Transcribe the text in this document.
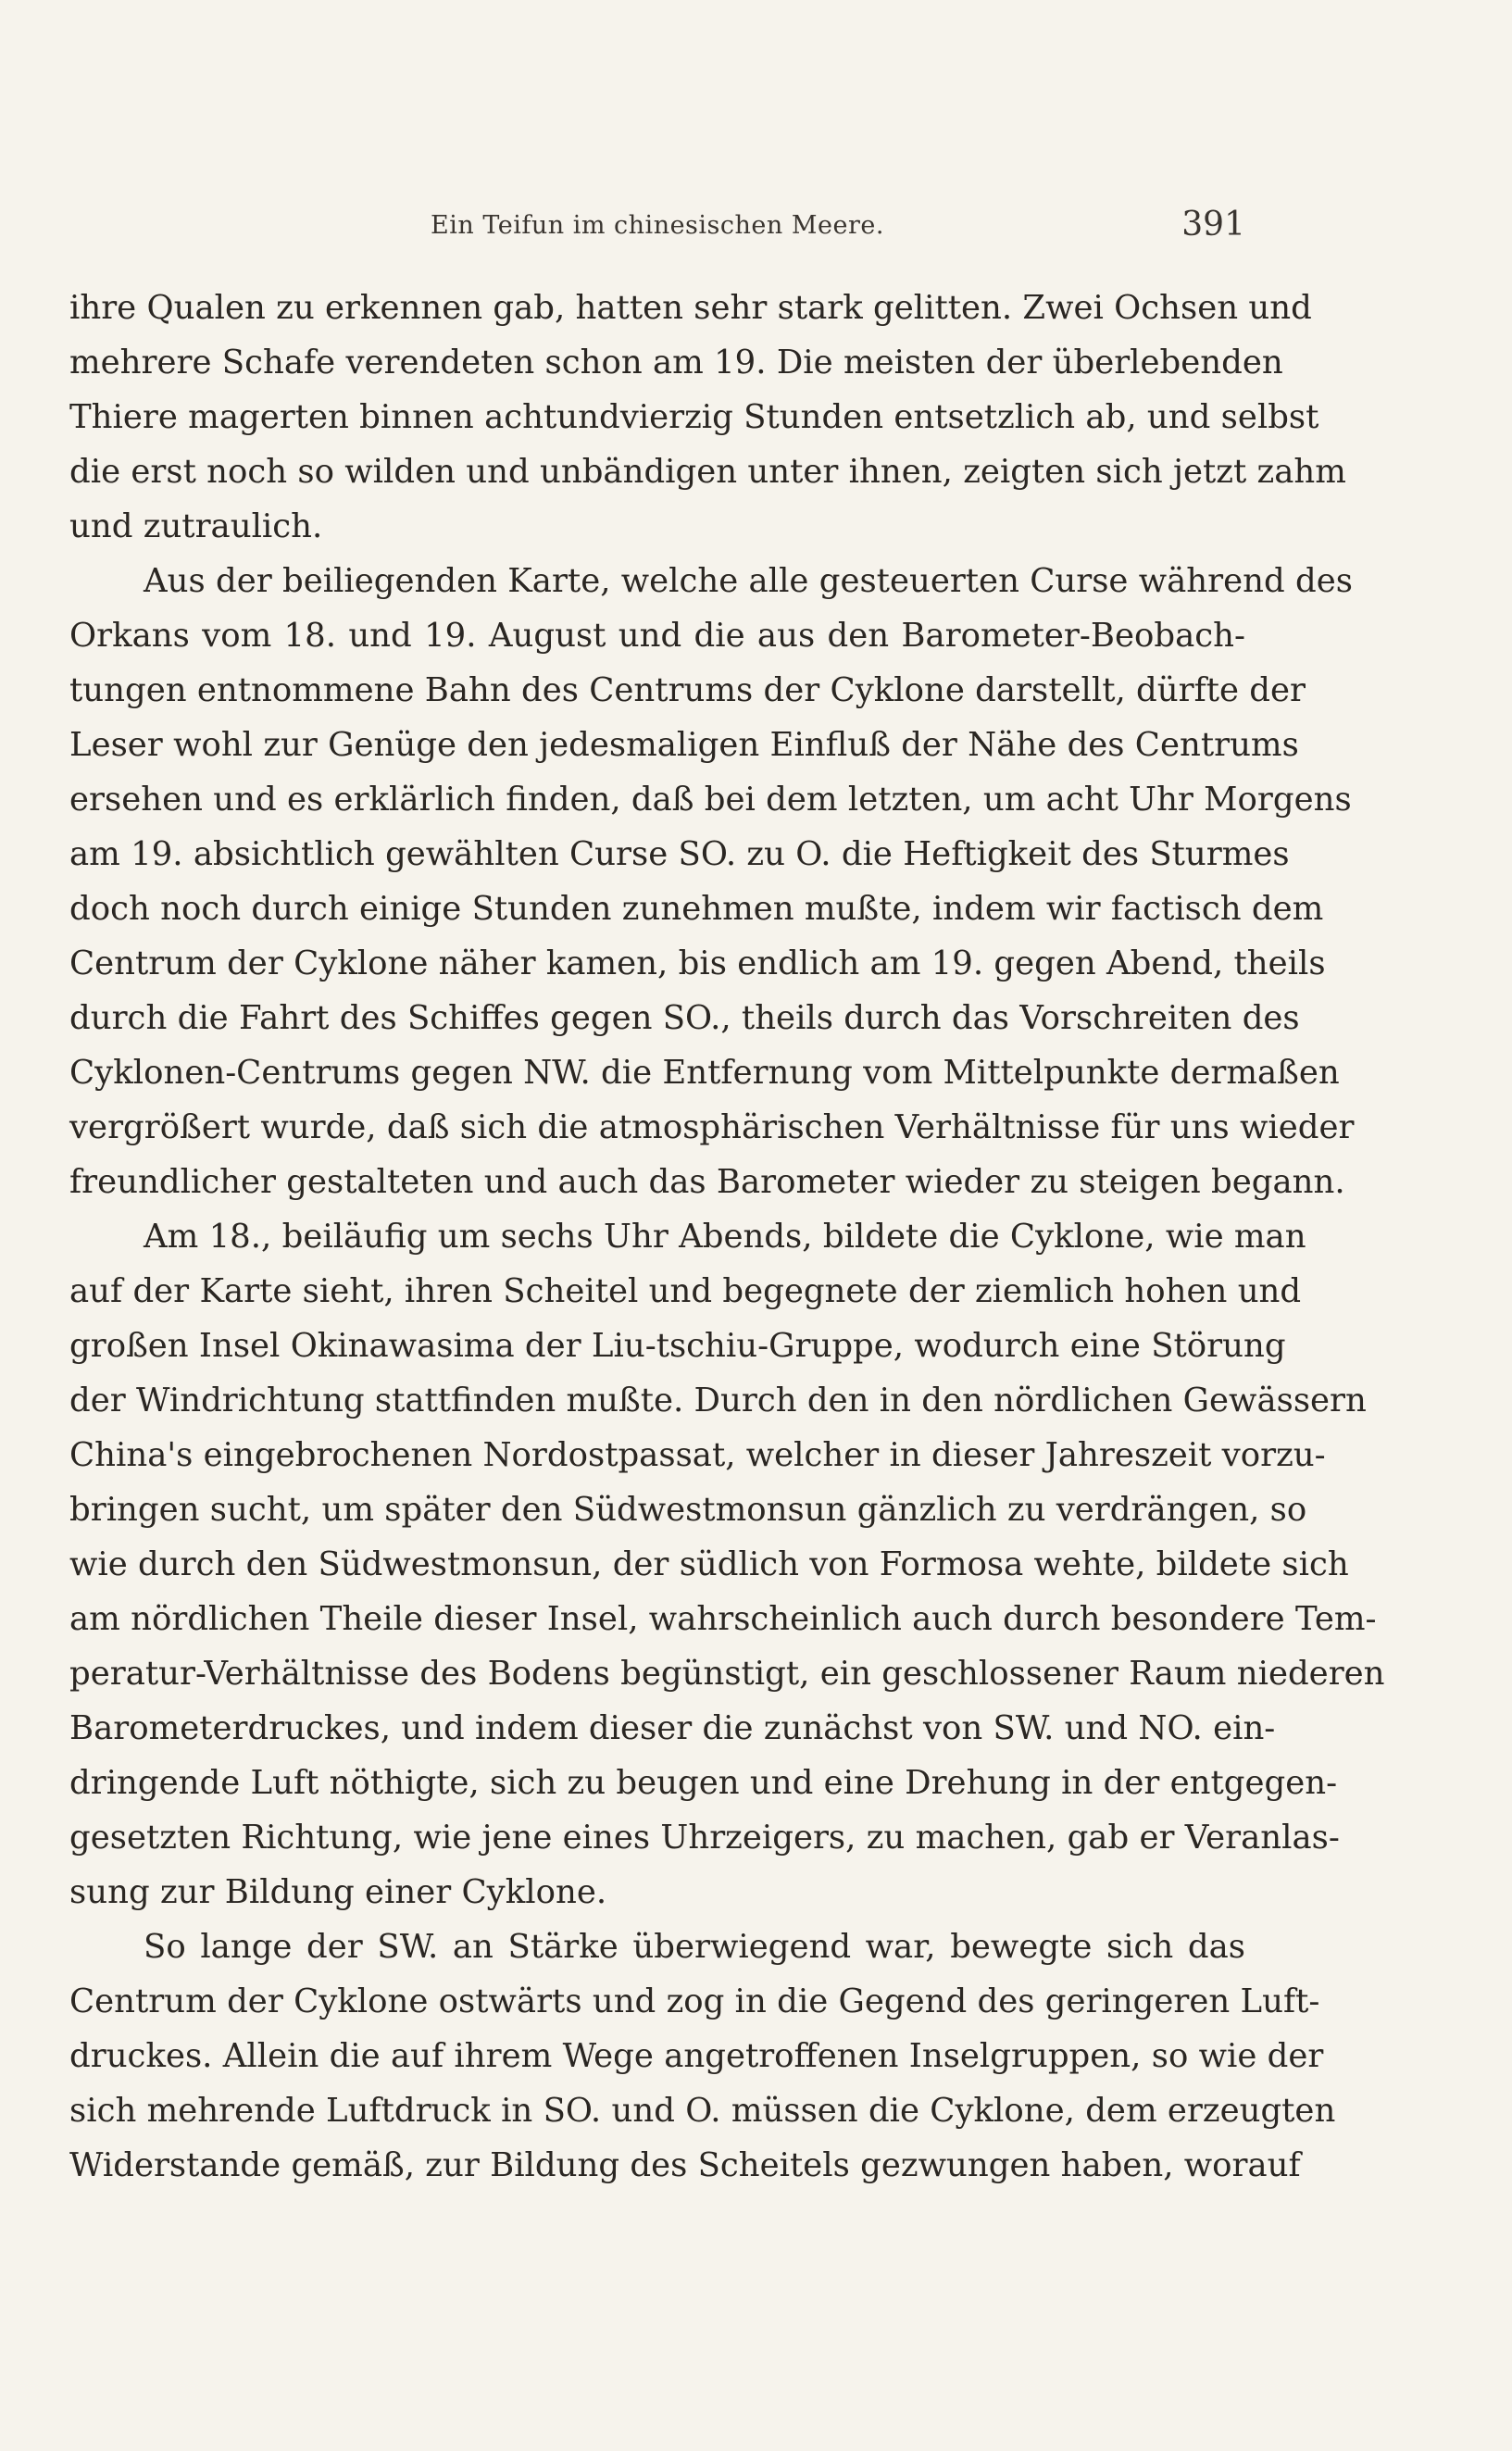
Ein Teifun im chinesischen Meere.	391
ihre Qualen zu erkennen gab, hatten sehr stark gelitten. Zwei Ochsen und
mehrere Schafe verendeten schon am 19. Die meisten der überlebenden
Thiere magerten binnen achtundvierzig Stunden entsetzlich ab, und selbst
die erst noch so wilden und unbändigen unter ihnen, zeigten sich jetzt zahm
und zutraulich.
Aus der beiliegenden Karte, welche alle gesteuerten Curse während des
Orkans vom 18. und 19. August und die aus den Barometer-Beobach-
tungen entnommene Bahn des Centrums der Cyklone darstellt, dürfte der
Leser wohl zur Genüge den jedesmaligen Einfluß der Nähe des Centrums
ersehen und es erklärlich finden, daß bei dem letzten, um acht Uhr Morgens
am 19. absichtlich gewählten Curse SO. zu O. die Heftigkeit des Sturmes
doch noch durch einige Stunden zunehmen mußte, indem wir factisch dem
Centrum der Cyklone näher kamen, bis endlich am 19. gegen Abend, theils
durch die Fahrt des Schiffes gegen SO., theils durch das Vorschreiten des
Cyklonen-Centrums gegen NW. die Entfernung vom Mittelpunkte dermaßen
vergrößert wurde, daß sich die atmosphärischen Verhältnisse für uns wieder
freundlicher gestalteten und auch das Barometer wieder zu steigen begann.
Am 18., beiläufig um sechs Uhr Abends, bildete die Cyklone, wie man
auf der Karte sieht, ihren Scheitel und begegnete der ziemlich hohen und
großen Insel Okinawasima der Liu-tschiu-Gruppe, wodurch eine Störung
der Windrichtung stattfinden mußte. Durch den in den nördlichen Gewässern
China's eingebrochenen Nordostpassat, welcher in dieser Jahreszeit vorzu-
bringen sucht, um später den Südwestmonsun gänzlich zu verdrängen, so
wie durch den Südwestmonsun, der südlich von Formosa wehte, bildete sich
am nördlichen Theile dieser Insel, wahrscheinlich auch durch besondere Tem-
peratur-Verhältnisse des Bodens begünstigt, ein geschlossener Raum niederen
Barometerdruckes, und indem dieser die zunächst von SW. und NO. ein-
dringende Luft nöthigte, sich zu beugen und eine Drehung in der entgegen-
gesetzten Richtung, wie jene eines Uhrzeigers, zu machen, gab er Veranlas-
sung zur Bildung einer Cyklone.
So lange der SW. an Stärke überwiegend war, bewegte sich das
Centrum der Cyklone ostwärts und zog in die Gegend des geringeren Luft-
druckes. Allein die auf ihrem Wege angetroffenen Inselgruppen, so wie der
sich mehrende Luftdruck in SO. und O. müssen die Cyklone, dem erzeugten
Widerstande gemäß, zur Bildung des Scheitels gezwungen haben, worauf
